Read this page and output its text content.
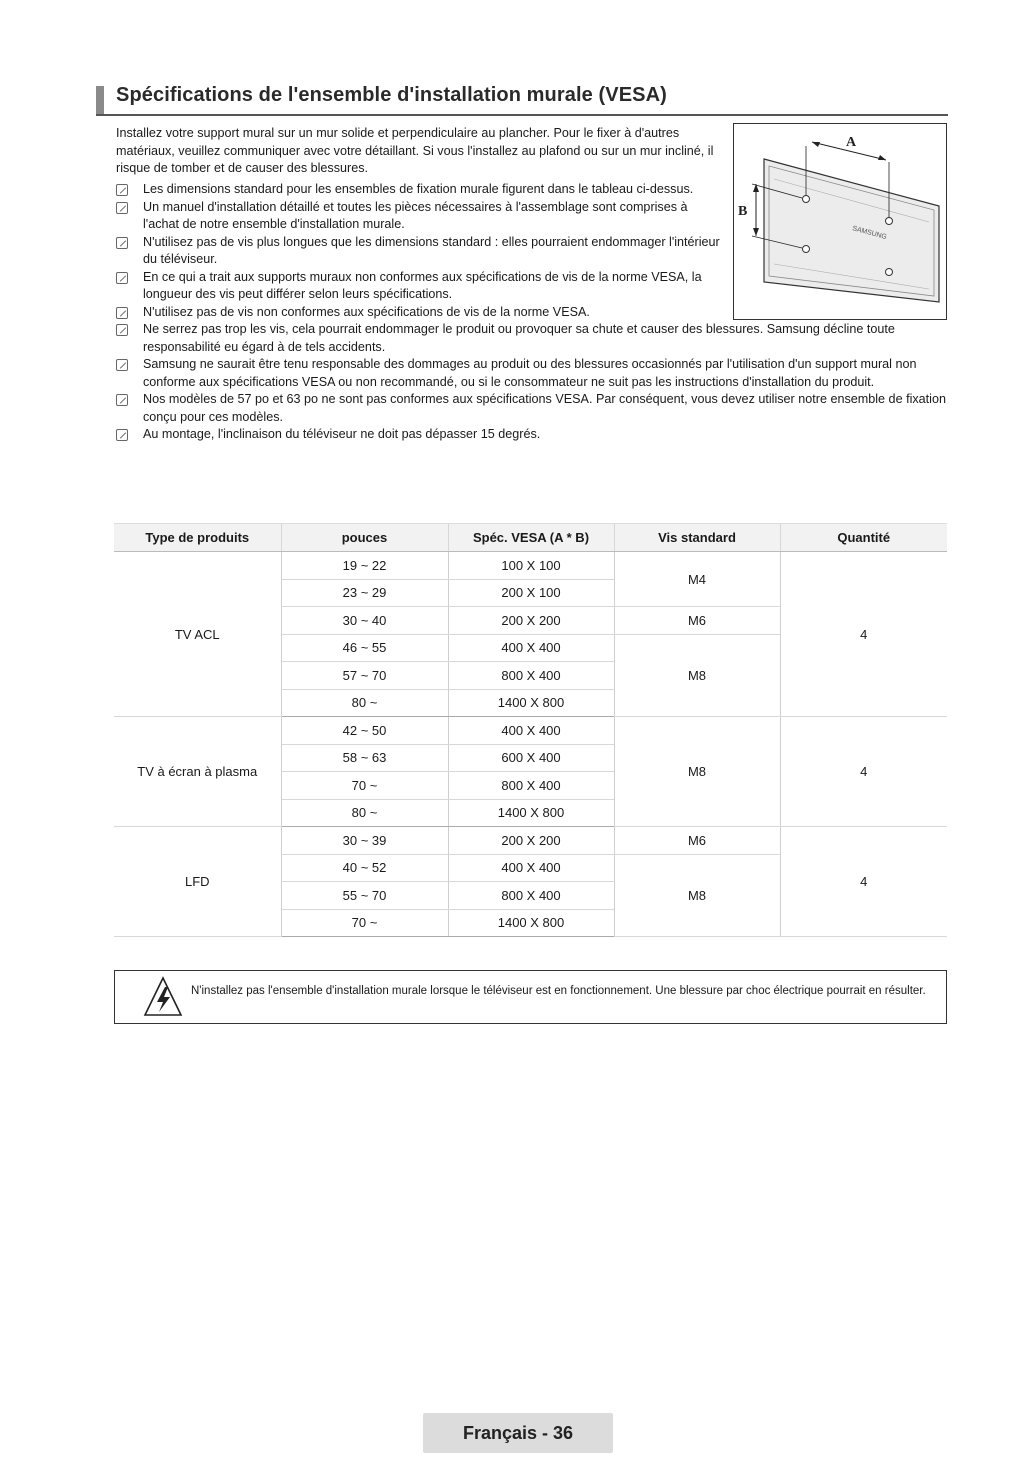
Spécifications de l'ensemble d'installation murale (VESA)

Installez votre support mural sur un mur solide et perpendiculaire au plancher. Pour le fixer à d'autres matériaux, veuillez communiquer avec votre détaillant. Si vous l'installez au plafond ou sur un mur incliné, il risque de tomber et de causer des blessures.

Les dimensions standard pour les ensembles de fixation murale figurent dans le tableau ci-dessus.
Un manuel d'installation détaillé et toutes les pièces nécessaires à l'assemblage sont comprises à l'achat de notre ensemble d'installation murale.
N'utilisez pas de vis plus longues que les dimensions standard : elles pourraient endommager l'intérieur du téléviseur.
En ce qui a trait aux supports muraux non conformes aux spécifications de vis de la norme VESA, la longueur des vis peut différer selon leurs spécifications.
N'utilisez pas de vis non conformes aux spécifications de vis de la norme VESA.
Ne serrez pas trop les vis, cela pourrait endommager le produit ou provoquer sa chute et causer des blessures. Samsung décline toute responsabilité eu égard à de tels accidents.
Samsung ne saurait être tenu responsable des dommages au produit ou des blessures occasionnés par l'utilisation d'un support mural non conforme aux spécifications VESA ou non recommandé, ou si le consommateur ne suit pas les instructions d'installation du produit.
Nos modèles de 57 po et 63 po ne sont pas conformes aux spécifications VESA. Par conséquent, vous devez utiliser notre ensemble de fixation conçu pour ces modèles.
Au montage, l'inclinaison du téléviseur ne doit pas dépasser 15 degrés.
SAMSUNG
A
B
Type de produits	pouces	Spéc. VESA (A * B)	Vis standard	Quantité
TV ACL	19 ~ 22	100 X 100	M4	4
	23 ~ 29	200 X 100		
	30 ~ 40	200 X 200	M6	
	46 ~ 55	400 X 400	M8	
	57 ~ 70	800 X 400		
	80 ~	1400 X 800		
TV à écran à plasma	42 ~ 50	400 X 400	M8	4
	58 ~ 63	600 X 400		
	70 ~	800 X 400		
	80 ~	1400 X 800		
LFD	30 ~ 39	200 X 200	M6	4
	40 ~ 52	400 X 400	M8	
	55 ~ 70	800 X 400		
	70 ~	1400 X 800		
N'installez pas l'ensemble d'installation murale lorsque le téléviseur est en fonctionnement. Une blessure par choc électrique pourrait en résulter.
Français - 36
